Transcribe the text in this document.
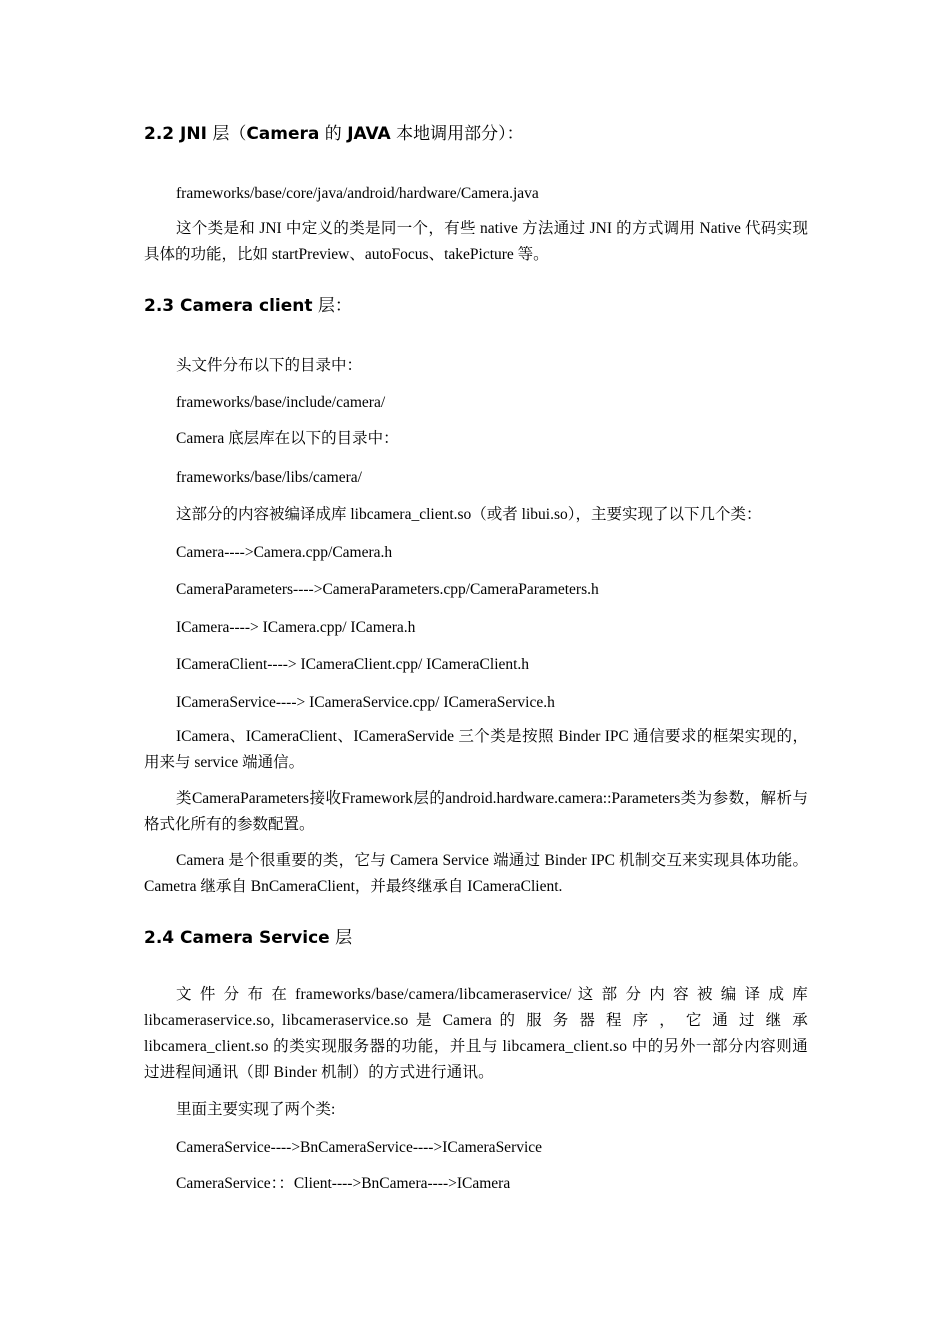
2.2 JNI 层（Camera 的 JAVA 本地调用部分）：
frameworks/base/core/java/android/hardware/Camera.java
这个类是和 JNI 中定义的类是同一个，有些 native 方法通过 JNI 的方式调用 Native 代码实现具体的功能，比如 startPreview、autoFocus、takePicture 等。
2.3 Camera client 层：
头文件分布以下的目录中：
frameworks/base/include/camera/
Camera 底层库在以下的目录中：
frameworks/base/libs/camera/
这部分的内容被编译成库 libcamera_client.so（或者 libui.so），主要实现了以下几个类：
Camera---->Camera.cpp/Camera.h
CameraParameters---->CameraParameters.cpp/CameraParameters.h
ICamera----> ICamera.cpp/ ICamera.h
ICameraClient----> ICameraClient.cpp/ ICameraClient.h
ICameraService----> ICameraService.cpp/ ICameraService.h
ICamera、ICameraClient、ICameraServide 三个类是按照 Binder IPC 通信要求的框架实现的， 用来与 service 端通信。
类CameraParameters接收Framework层的android.hardware.camera::Parameters类为参数，解析与格式化所有的参数配置。
Camera 是个很重要的类，它与 Camera Service 端通过 Binder IPC 机制交互来实现具体功能。Cametra 继承自 BnCameraClient，并最终继承自 ICameraClient.
2.4 Camera Service 层
文 件 分 布 在 frameworks/base/camera/libcameraservice/ 这 部 分 内 容 被 编 译 成 库 libcameraservice.so, libcameraservice.so 是 Camera 的 服 务 器 程 序 ， 它 通 过 继 承 libcamera_client.so 的类实现服务器的功能，并且与 libcamera_client.so 中的另外一部分内容则通过进程间通讯（即 Binder 机制）的方式进行通讯。
里面主要实现了两个类:
CameraService---->BnCameraService---->ICameraService
CameraService：：Client---->BnCamera---->ICamera
